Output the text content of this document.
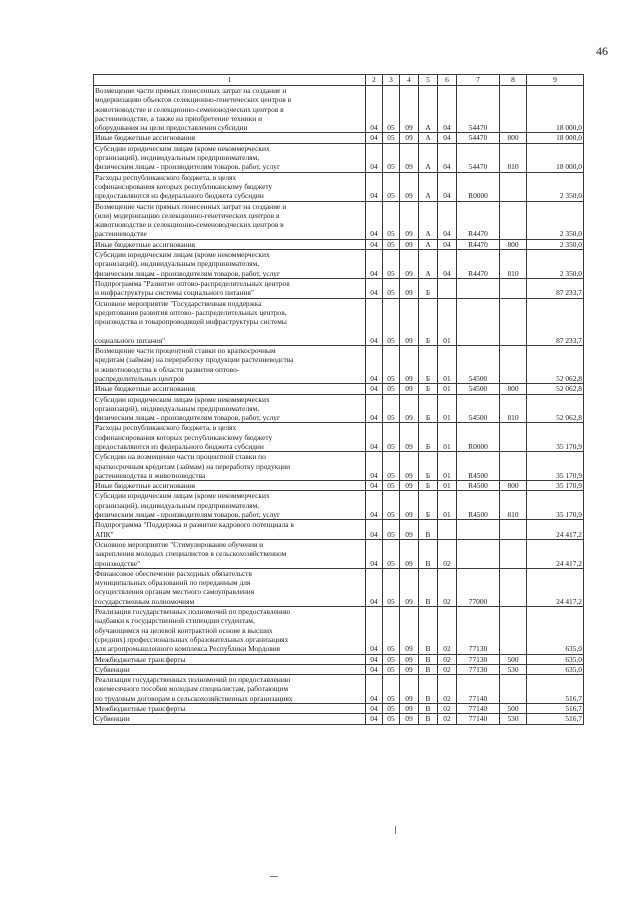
46
1	2	3	4	5	6	7	8	9

Возмещение части прямых понесенных затрат на создание и
модернизацию объектов селекционно-генетических центров в
животноводстве и селекционно-семеноводческих центров в
растениеводстве, а также на приобретение техники и
оборудования на цели предоставления субсидии	04	05	09	А	04	54470		18 000,0

Иные бюджетные ассигнования	04	05	09	А	04	54470	800	18 000,0

Субсидии юридическим лицам (кроме некоммерческих
организаций), индивидуальным предпринимателям,
физическим лицам - производителям товаров, работ, услуг	04	05	09	А	04	54470	810	18 000,0

Расходы республиканского бюджета, в целях
софинансирования которых республиканскому бюджету
предоставляются из федерального бюджета субсидии	04	05	09	А	04	R0000		2 350,0

Возмещение части прямых понесенных затрат на создание и
(или) модернизацию селекционно-генетических центров в
животноводстве и селекционно-семеноводческих центров в
растениеводстве	04	05	09	А	04	R4470		2 350,0

Иные бюджетные ассигнования	04	05	09	А	04	R4470	800	2 350,0

Субсидии юридическим лицам (кроме некоммерческих
организаций), индивидуальным предпринимателям,
физическим лицам - производителям товаров, работ, услуг	04	05	09	А	04	R4470	810	2 350,0

Подпрограмма "Развитие оптово-распределительных центров
и инфраструктуры системы социального питания"	04	05	09	Б				87 233,7

Основное мероприятие "Государственная поддержка
кредитования развития оптово- распределительных центров,
производства и товаропроводящей инфраструктуры системы

социального питания"	04	05	09	Б	01			87 233,7

Возмещение части процентной ставки по краткосрочным
кредитам (займам) на переработку продукции растениеводства
и животноводства в области развития оптово-
распределительных центров	04	05	09	Б	01	54500		52 062,8

Иные бюджетные ассигнования	04	05	09	Б	01	54500	800	52 062,8

Субсидии юридическим лицам (кроме некоммерческих
организаций), индивидуальным предпринимателям,
физическим лицам - производителям товаров, работ, услуг	04	05	09	Б	01	54500	810	52 062,8

Расходы республиканского бюджета, в целях
софинансирования которых республиканскому бюджету
предоставляются из федерального бюджета субсидии	04	05	09	Б	01	R0000		35 170,9

Субсидии на возмещение части процентной ставки по
краткосрочным кредитам (займам) на переработку продукции
растениеводства и животноводства	04	05	09	Б	01	R4500		35 170,9

Иные бюджетные ассигнования	04	05	09	Б	01	R4500	800	35 170,9

Субсидии юридическим лицам (кроме некоммерческих
организаций), индивидуальным предпринимателям,
физическим лицам - производителям товаров, работ, услуг	04	05	09	Б	01	R4500	810	35 170,9

Подпрограмма "Поддержка и развитие кадрового потенциала в
АПК"	04	05	09	В				24 417,2

Основное мероприятие "Стимулирование обучения и
закрепления молодых специалистов в сельскохозяйственном
производстве"	04	05	09	В	02			24 417,2

Финансовое обеспечение расходных обязательств
муниципальных образований по переданным для
осуществления органам местного самоуправления
государственным полномочиям	04	05	09	В	02	77000		24 417,2

Реализация государственных полномочий по предоставлению
надбавки к государственной стипендии студентам,
обучающимся на целевой контрактной основе в высших
(средних) профессиональных образовательных организациях
для агропромышленного комплекса Республики Мордовия	04	05	09	В	02	77130		635,0

Межбюджетные трансферты	04	05	09	В	02	77130	500	635,0

Субвенции	04	05	09	В	02	77130	530	635,0

Реализация государственных полномочий по предоставлению
ежемесячного пособия молодым специалистам, работающим
по трудовым договорам в сельскохозяйственных организациях	04	05	09	В	02	77140		516,7

Межбюджетные трансферты	04	05	09	В	02	77140	500	516,7

Субвенции	04	05	09	В	02	77140	530	516,7
